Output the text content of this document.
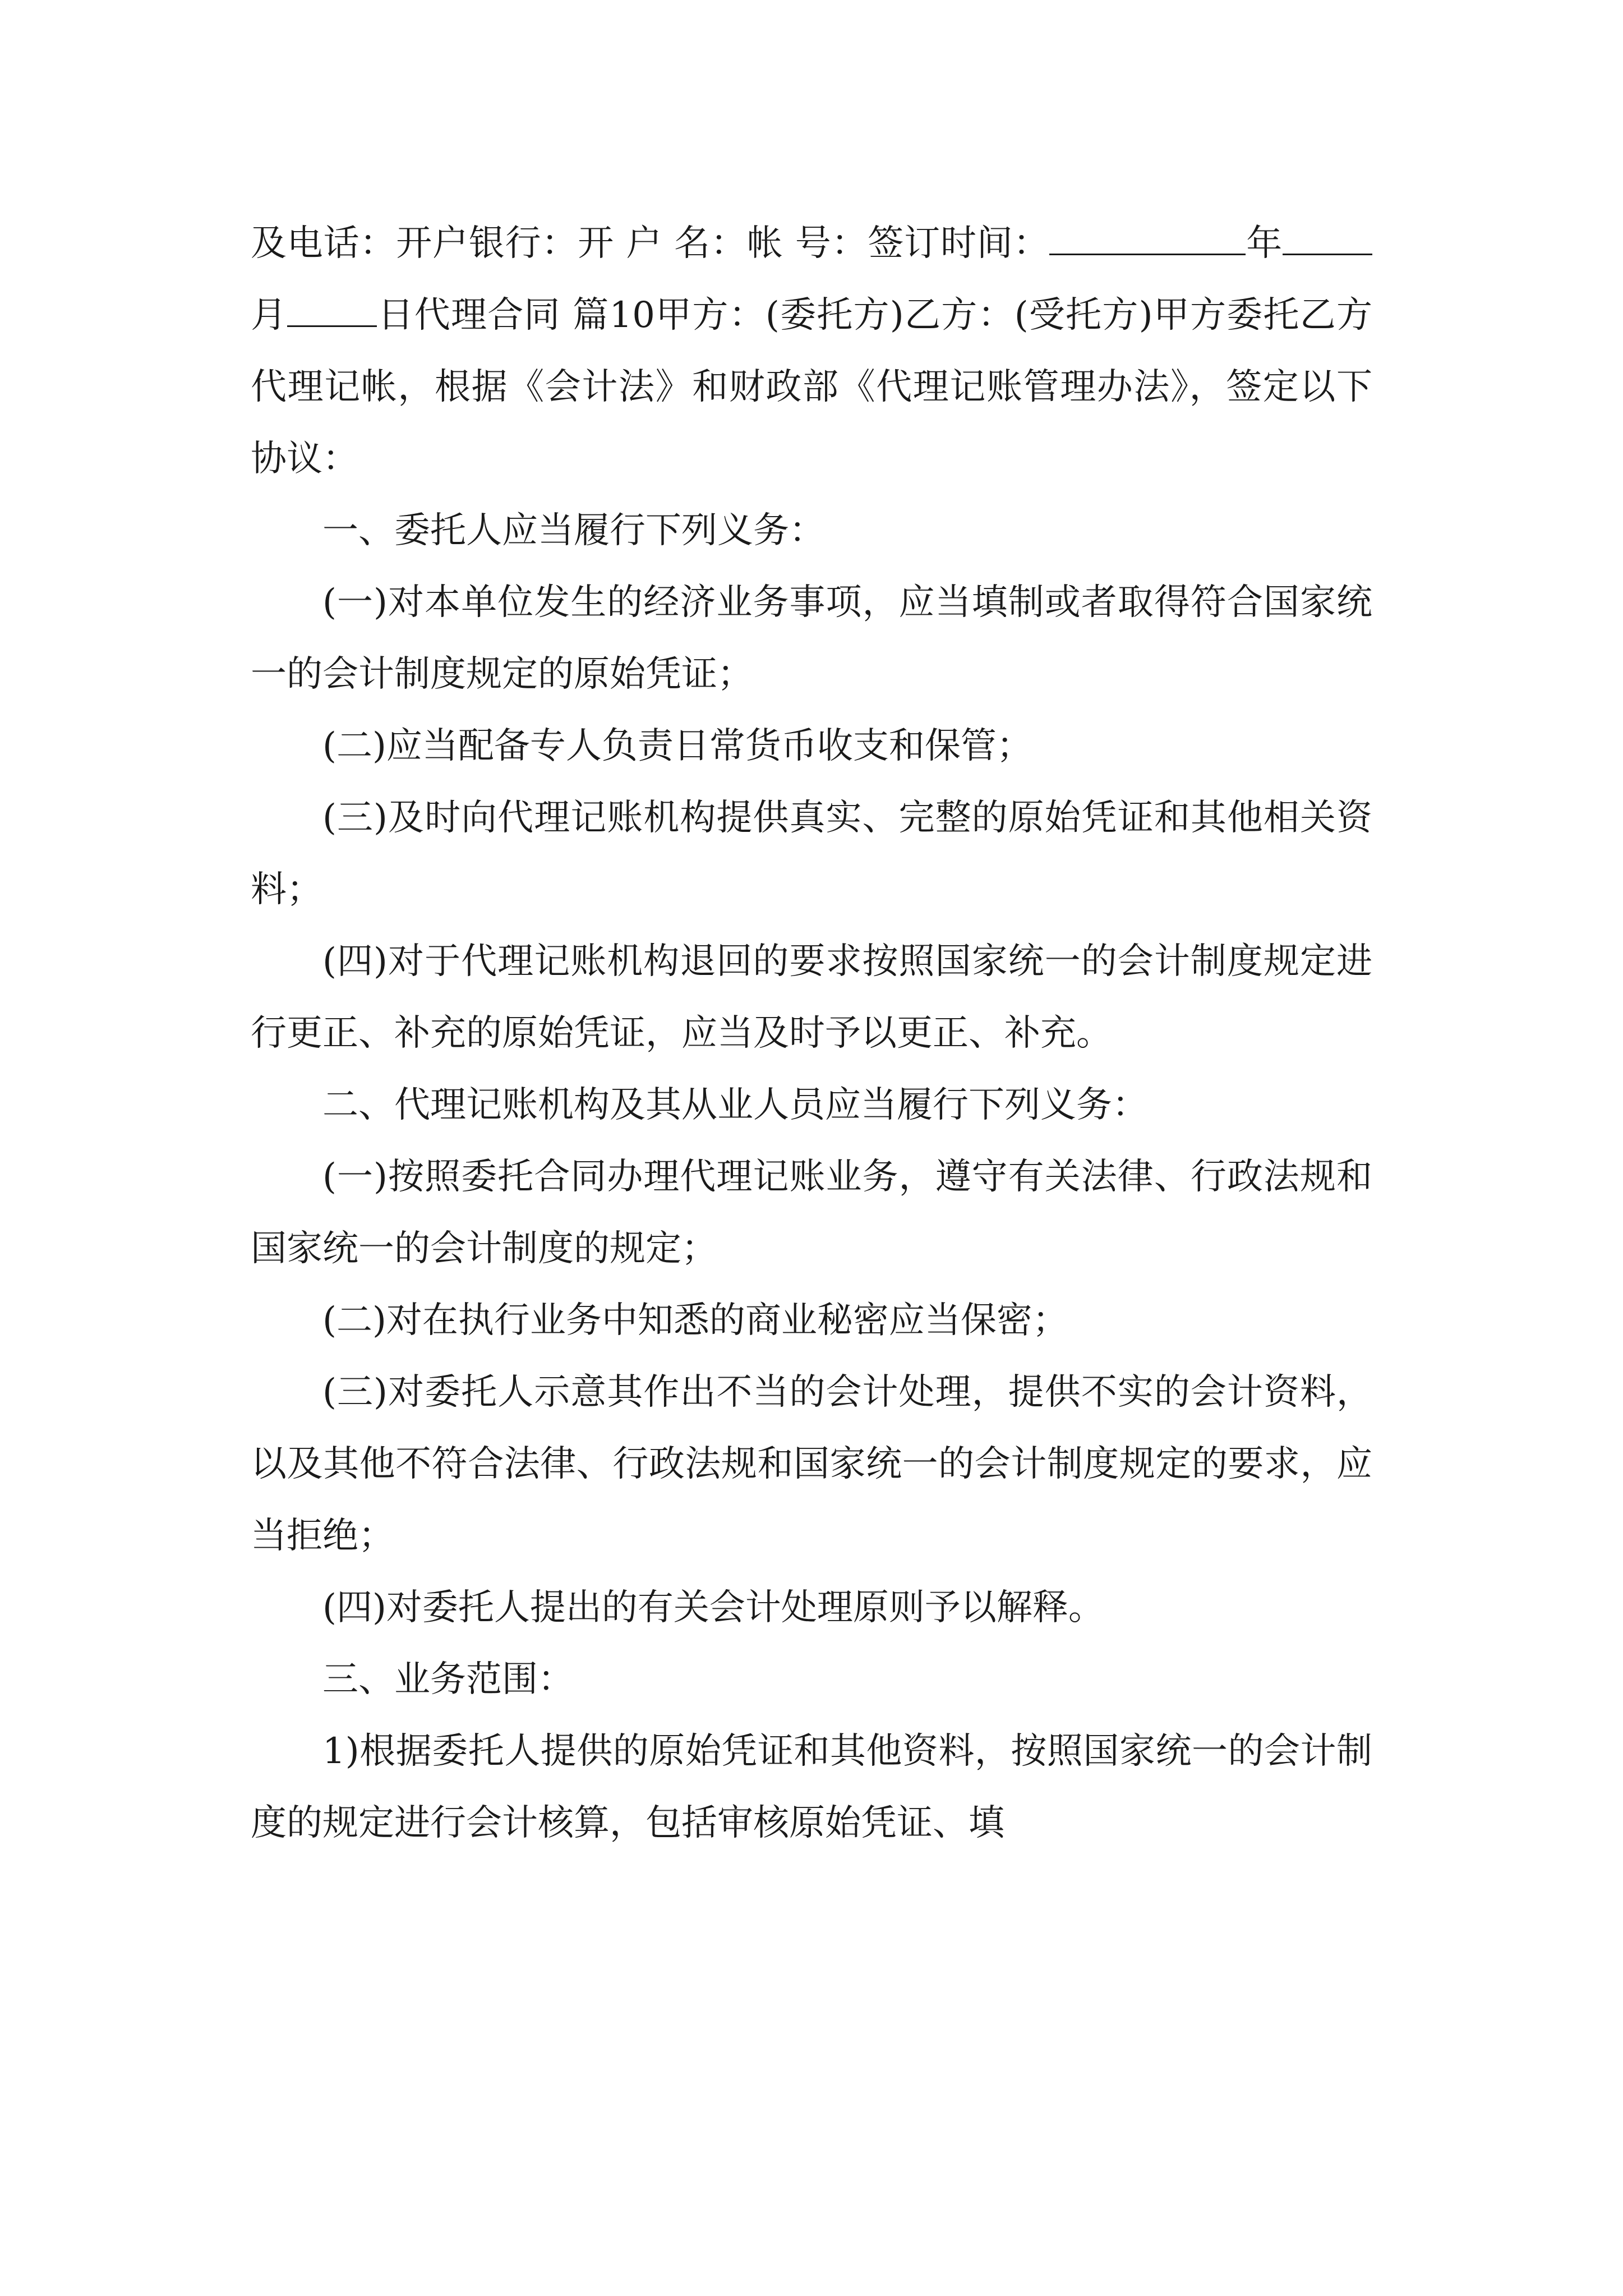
及电话：开户银行：开 户 名：帐 号：签订时间：	年月	日代理合同 篇10甲方：(委托方)乙方：(受托方)甲方委托乙方代理记帐，根据《会计法》和财政部《代理记账管理办法》，签定以下协议：

一、委托人应当履行下列义务：

(一)对本单位发生的经济业务事项，应当填制或者取得符合国家统一的会计制度规定的原始凭证；

(二)应当配备专人负责日常货币收支和保管；

(三)及时向代理记账机构提供真实、完整的原始凭证和其他相关资料；

(四)对于代理记账机构退回的要求按照国家统一的会计制度规定进行更正、补充的原始凭证，应当及时予以更正、补充。

二、代理记账机构及其从业人员应当履行下列义务：

(一)按照委托合同办理代理记账业务，遵守有关法律、行政法规和国家统一的会计制度的规定；

(二)对在执行业务中知悉的商业秘密应当保密；

(三)对委托人示意其作出不当的会计处理，提供不实的会计资料，以及其他不符合法律、行政法规和国家统一的会计制度规定的要求，应当拒绝；

(四)对委托人提出的有关会计处理原则予以解释。

三、业务范围：

1)根据委托人提供的原始凭证和其他资料，按照国家统一的会计制度的规定进行会计核算，包括审核原始凭证、填
